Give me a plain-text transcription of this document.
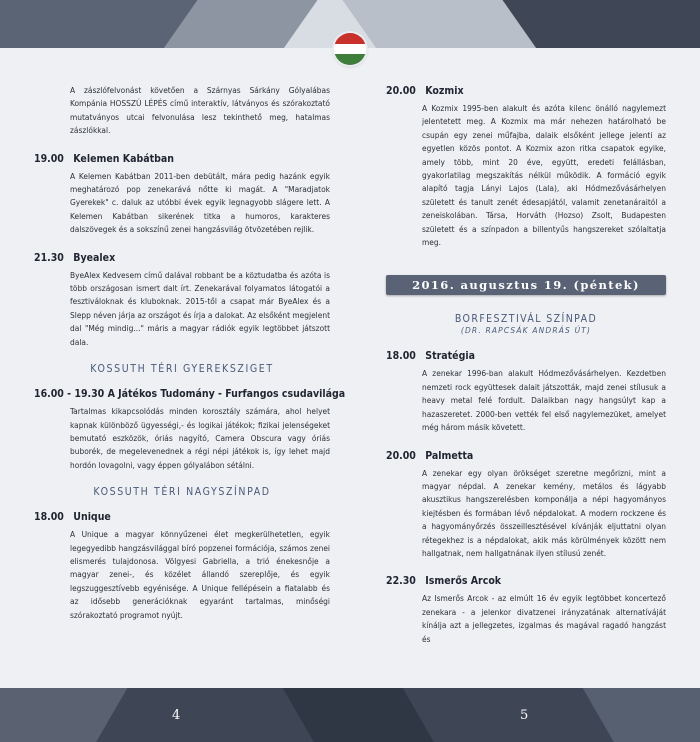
A zászlófelvonást követően a Szárnyas Sárkány Gólyalábas Kompánia HOSSZÚ LÉPÉS című interaktív, látványos és szórakoztató mutatványos utcai felvonulása lesz tekinthető meg, hatalmas zászlókkal.

19.00 Kelemen Kabátban

A Kelemen Kabátban 2011-ben debütált, mára pedig hazánk egyik meghatározó pop zenekarává nőtte ki magát. A "Maradjatok Gyerekek" c. daluk az utóbbi évek egyik legnagyobb slágere lett. A Kelemen Kabátban sikerének titka a humoros, karakteres dalszövegek és a sokszínű zenei hangzásvilág ötvözetében rejlik.

21.30 Byealex

ByeAlex Kedvesem című dalával robbant be a köztudatba és azóta is több országosan ismert dalt írt. Zenekarával folyamatos látogatói a fesztiváloknak és kluboknak. 2015-től a csapat már ByeAlex és a Slepp néven járja az országot és írja a dalokat. Az elsőként megjelent dal "Még mindig..." máris a magyar rádiók egyik legtöbbet játszott dala.

KOSSUTH TÉRI GYEREKSZIGET
16.00 - 19.30 A Játékos Tudomány - Furfangos csudavilága

Tartalmas kikapcsolódás minden korosztály számára, ahol helyet kapnak különböző ügyességi,- és logikai játékok; fizikai jelenségeket bemutató eszközök, óriás nagyító, Camera Obscura vagy óriás buborék, de megelevenednek a régi népi játékok is, így lehet majd hordón lovagolni, vagy éppen gólyalábon sétálni.

KOSSUTH TÉRI NAGYSZÍNPAD
18.00 Unique

A Unique a magyar könnyűzenei élet megkerülhetetlen, egyik legegyedibb hangzásvilággal bíró popzenei formációja, számos zenei elismerés tulajdonosa. Völgyesi Gabriella, a trió énekesnője a magyar zenei-, és közélet állandó szereplője, és egyik legszuggesztívebb egyénisége. A Unique fellépésein a fiatalabb és az idősebb generációknak egyaránt tartalmas, minőségi szórakoztató programot nyújt.

20.00 Kozmix

A Kozmix 1995-ben alakult és azóta kilenc önálló nagylemezt jelentetett meg. A Kozmix ma már nehezen határolható be csupán egy zenei műfajba, dalaik elsőként jellege jelenti az egyetlen közös pontot. A Kozmix azon ritka csapatok egyike, amely több, mint 20 éve, együtt, eredeti felállásban, gyakorlatilag megszakítás nélkül működik. A formáció egyik alapító tagja Lányi Lajos (Lala), aki Hódmezővásárhelyen született és tanult zenét édesapjától, valamit zenetanáraitól a zeneiskolában. Társa, Horváth (Hozso) Zsolt, Budapesten született és a színpadon a billentyűs hangszereket szólaltatja meg.

2016. augusztus 19. (péntek)
BORFESZTIVÁL SZÍNPAD
(DR. RAPCSÁK ANDRÁS ÚT)
18.00 Stratégia

A zenekar 1996-ban alakult Hódmezővásárhelyen. Kezdetben nemzeti rock együttesek dalait játszották, majd zenei stílusuk a heavy metal felé fordult. Dalaikban nagy hangsúlyt kap a hazaszeretet. 2000-ben vették fel első nagylemezüket, amelyet még három másik követett.

20.00 Palmetta

A zenekar egy olyan örökséget szeretne megőrizni, mint a magyar népdal. A zenekar kemény, metálos és lágyabb akusztikus hangszerelésben komponálja a népi hagyományos kiejtésben és formában lévő népdalokat. A modern rockzene és a hagyományőrzés összeillesztésével kívánják eljuttatni olyan rétegekhez is a népdalokat, akik más körülmények között nem hallgatnak, nem hallgatnának ilyen stílusú zenét.

22.30 Ismerős Arcok

Az Ismerős Arcok - az elmúlt 16 év egyik legtöbbet koncertező zenekara - a jelenkor divatzenei irányzatának alternatíváját kínálja azt a jellegzetes, izgalmas és magával ragadó hangzást és

4	5
